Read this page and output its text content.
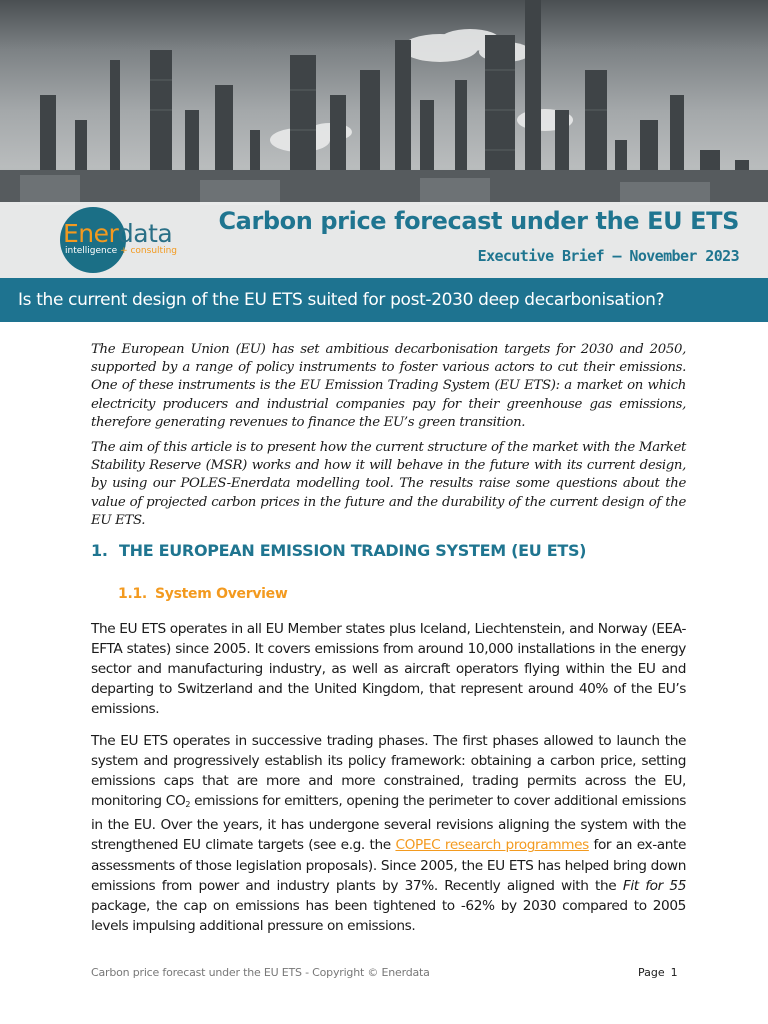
Enerdata
intelligence + consulting
Carbon price forecast under the EU ETS
Executive Brief – November 2023
Is the current design of the EU ETS suited for post-2030 deep decarbonisation?
The European Union (EU) has set ambitious decarbonisation targets for 2030 and 2050, supported by a range of policy instruments to foster various actors to cut their emissions. One of these instruments is the EU Emission Trading System (EU ETS): a market on which electricity producers and industrial companies pay for their greenhouse gas emissions, therefore generating revenues to finance the EU’s green transition.
The aim of this article is to present how the current structure of the market with the Market Stability Reserve (MSR) works and how it will behave in the future with its current design, by using our POLES-Enerdata modelling tool. The results raise some questions about the value of projected carbon prices in the future and the durability of the current design of the EU ETS.
1. THE EUROPEAN EMISSION TRADING SYSTEM (EU ETS)
1.1. System Overview
The EU ETS operates in all EU Member states plus Iceland, Liechtenstein, and Norway (EEA-EFTA states) since 2005. It covers emissions from around 10,000 installations in the energy sector and manufacturing industry, as well as aircraft operators flying within the EU and departing to Switzerland and the United Kingdom, that represent around 40% of the EU’s emissions.
The EU ETS operates in successive trading phases. The first phases allowed to launch the system and progressively establish its policy framework: obtaining a carbon price, setting emissions caps that are more and more constrained, trading permits across the EU, monitoring $CO_2$ emissions for emitters, opening the perimeter to cover additional emissions in the EU. Over the years, it has undergone several revisions aligning the system with the strengthened EU climate targets (see e.g. the COPEC research programmes for an ex-ante assessments of those legislation proposals). Since 2005, the EU ETS has helped bring down emissions from power and industry plants by 37%. Recently aligned with the Fit for 55 package, the cap on emissions has been tightened to -62% by 2030 compared to 2005 levels impulsing additional pressure on emissions.
Carbon price forecast under the EU ETS - Copyright © Enerdata	Page 1
